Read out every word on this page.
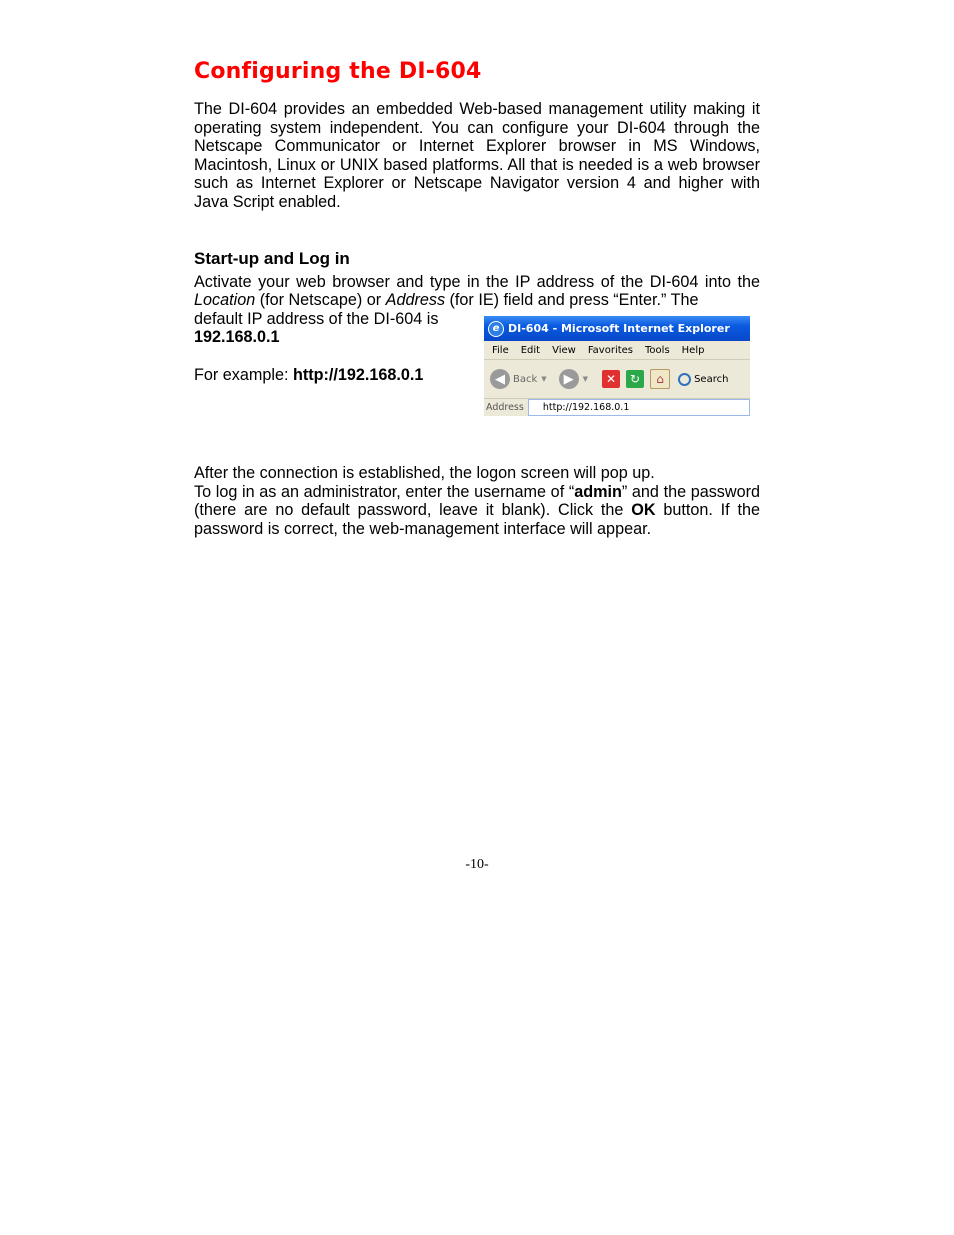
Configuring the DI-604

The DI-604 provides an embedded Web-based management utility making it operating system independent. You can configure your DI-604 through the Netscape Communicator or Internet Explorer browser in MS Windows, Macintosh, Linux or UNIX based platforms. All that is needed is a web browser such as Internet Explorer or Netscape Navigator version 4 and higher with Java Script enabled.

Start-up and Log in

Activate your web browser and type in the IP address of the DI-604 into the Location (for Netscape) or Address (for IE) field and press “Enter.” The

default IP address of the DI-604 is

192.168.0.1

For example: http://192.168.0.1

After the connection is established, the logon screen will pop up.

To log in as an administrator, enter the username of “admin” and the password (there are no default password, leave it blank). Click the OK button. If the password is correct, the web-management interface will appear.

e DI-604 - Microsoft Internet Explorer
File Edit View Favorites Tools Help
◀ Back ▼	▶	▼	✕	↻	⌂	Search
Address	http://192.168.0.1
-10-
